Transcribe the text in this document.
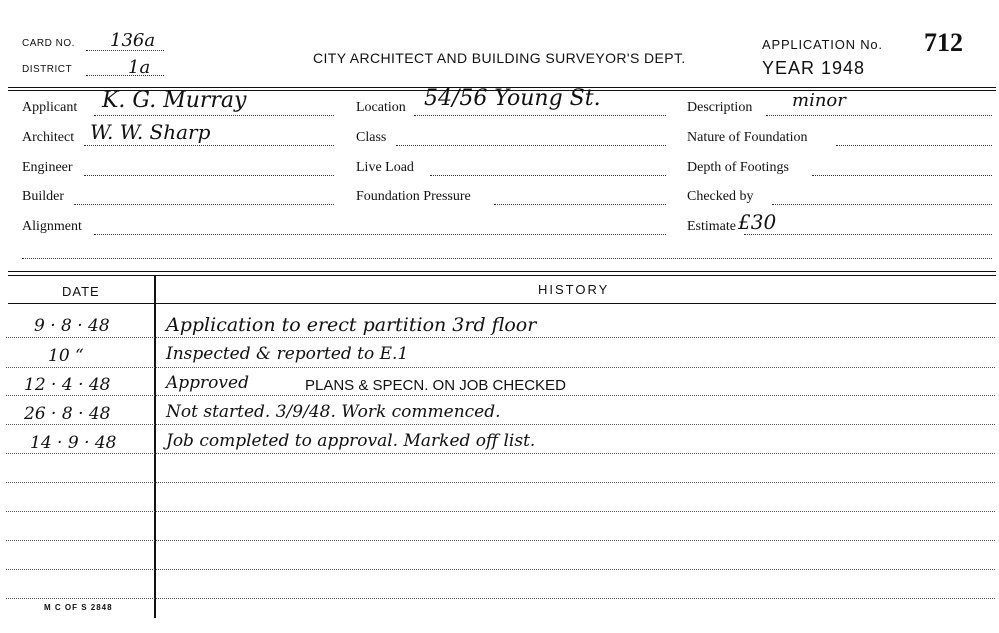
CARD NO. 136a
DISTRICT	1a	CITY ARCHITECT AND BUILDING SURVEYOR'S DEPT.
APPLICATION No. 712
YEAR 1948
Applicant K. G. Murray
Architect W. W. Sharp
Engineer
Builder
Alignment
Location 54/56 Young St.
Class
Live Load
Foundation Pressure
Description minor
Nature of Foundation
Depth of Footings
Checked by
Estimate £30
DATE	HISTORY
9 · 8 · 48	Application to erect partition 3rd floor
10 “	Inspected & reported to E.1
12 · 4 · 48	Approved	PLANS & SPECN. ON JOB CHECKED
26 · 8 · 48	Not started. 3/9/48. Work commenced.
14 · 9 · 48	Job completed to approval. Marked off list.
M C OF S 2848
